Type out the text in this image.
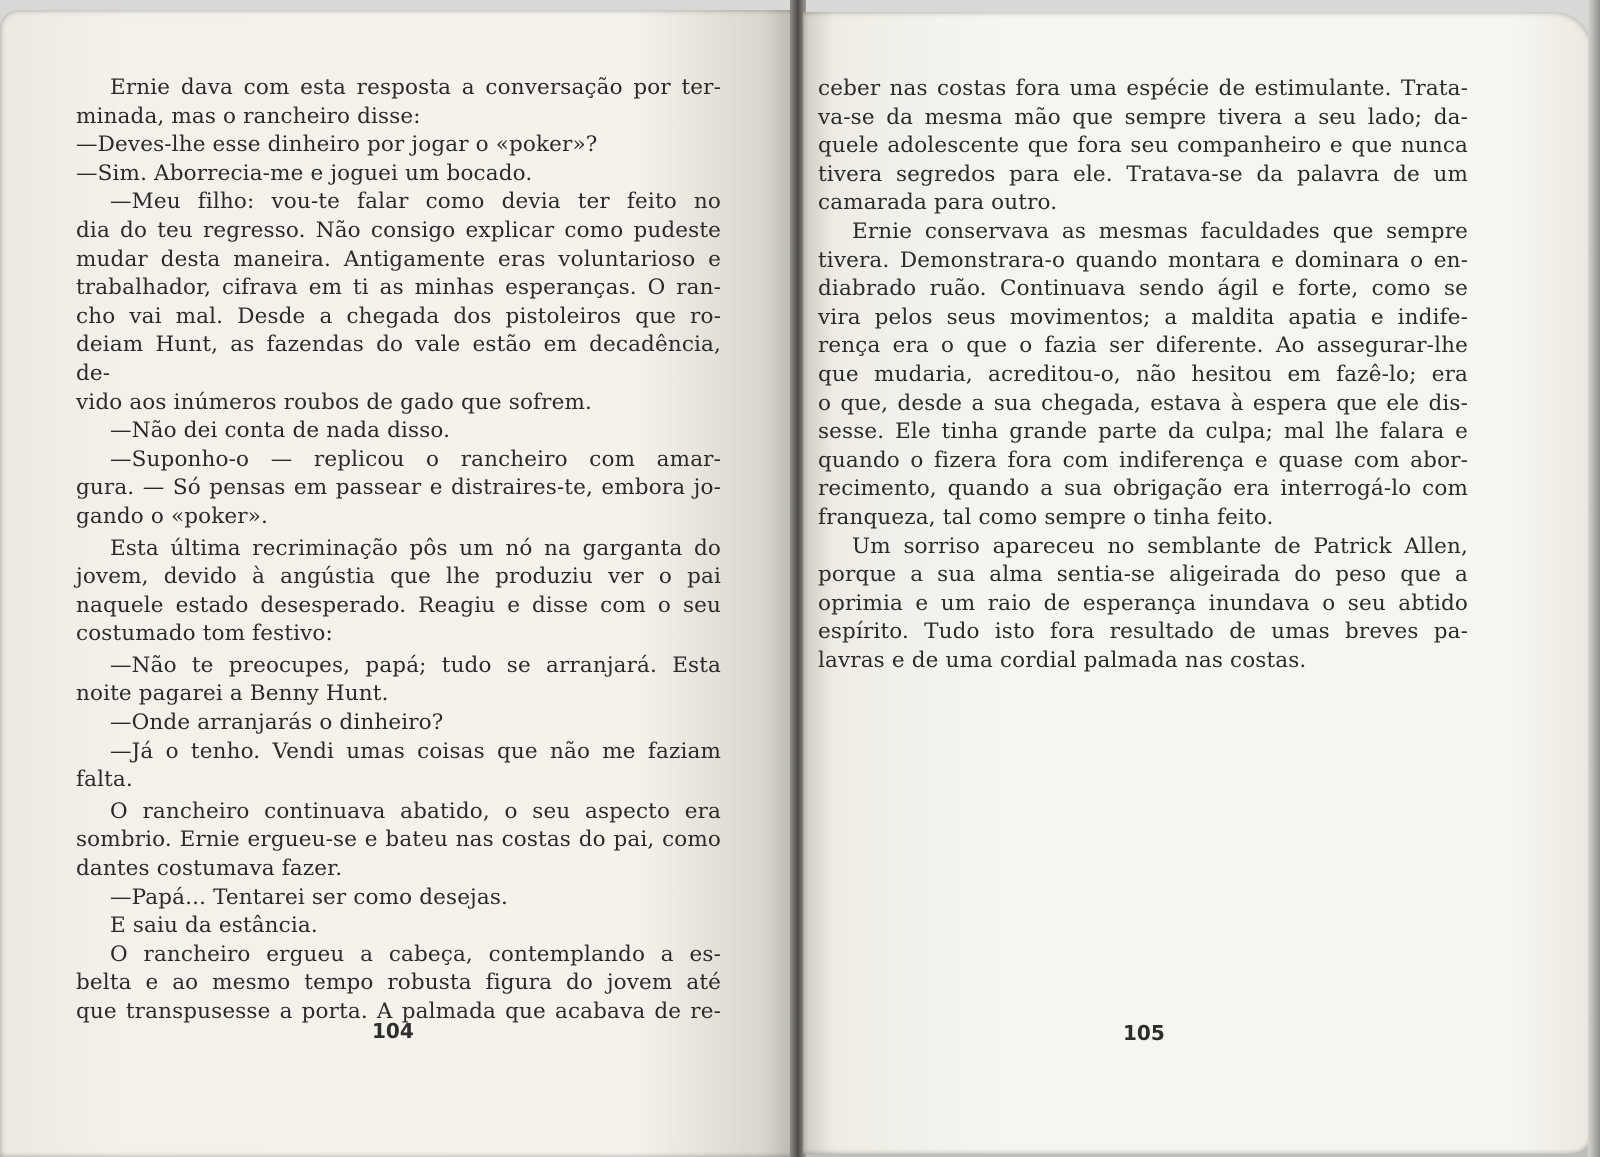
Ernie dava com esta resposta a conversação por ter-

minada, mas o rancheiro disse:

—Deves-lhe esse dinheiro por jogar o «poker»?

—Sim. Aborrecia-me e joguei um bocado.

—Meu filho: vou-te falar como devia ter feito no

dia do teu regresso. Não consigo explicar como pudeste

mudar desta maneira. Antigamente eras voluntarioso e

trabalhador, cifrava em ti as minhas esperanças. O ran-

cho vai mal. Desde a chegada dos pistoleiros que ro-

deiam Hunt, as fazendas do vale estão em decadência, de-

vido aos inúmeros roubos de gado que sofrem.

—Não dei conta de nada disso.

—Suponho-o — replicou o rancheiro com amar-

gura. — Só pensas em passear e distraires-te, embora jo-

gando o «poker».

Esta última recriminação pôs um nó na garganta do

jovem, devido à angústia que lhe produziu ver o pai

naquele estado desesperado. Reagiu e disse com o seu

costumado tom festivo:

—Não te preocupes, papá; tudo se arranjará. Esta

noite pagarei a Benny Hunt.

—Onde arranjarás o dinheiro?

—Já o tenho. Vendi umas coisas que não me faziam

falta.

O rancheiro continuava abatido, o seu aspecto era

sombrio. Ernie ergueu-se e bateu nas costas do pai, como

dantes costumava fazer.

—Papá... Tentarei ser como desejas.

E saiu da estância.

O rancheiro ergueu a cabeça, contemplando a es-

belta e ao mesmo tempo robusta figura do jovem até

que transpusesse a porta. A palmada que acabava de re-

104

ceber nas costas fora uma espécie de estimulante. Trata-

va-se da mesma mão que sempre tivera a seu lado; da-

quele adolescente que fora seu companheiro e que nunca

tivera segredos para ele. Tratava-se da palavra de um

camarada para outro.

Ernie conservava as mesmas faculdades que sempre

tivera. Demonstrara-o quando montara e dominara o en-

diabrado ruão. Continuava sendo ágil e forte, como se

vira pelos seus movimentos; a maldita apatia e indife-

rença era o que o fazia ser diferente. Ao assegurar-lhe

que mudaria, acreditou-o, não hesitou em fazê-lo; era

o que, desde a sua chegada, estava à espera que ele dis-

sesse. Ele tinha grande parte da culpa; mal lhe falara e

quando o fizera fora com indiferença e quase com abor-

recimento, quando a sua obrigação era interrogá-lo com

franqueza, tal como sempre o tinha feito.

Um sorriso apareceu no semblante de Patrick Allen,

porque a sua alma sentia-se aligeirada do peso que a

oprimia e um raio de esperança inundava o seu abtido

espírito. Tudo isto fora resultado de umas breves pa-

lavras e de uma cordial palmada nas costas.

105
